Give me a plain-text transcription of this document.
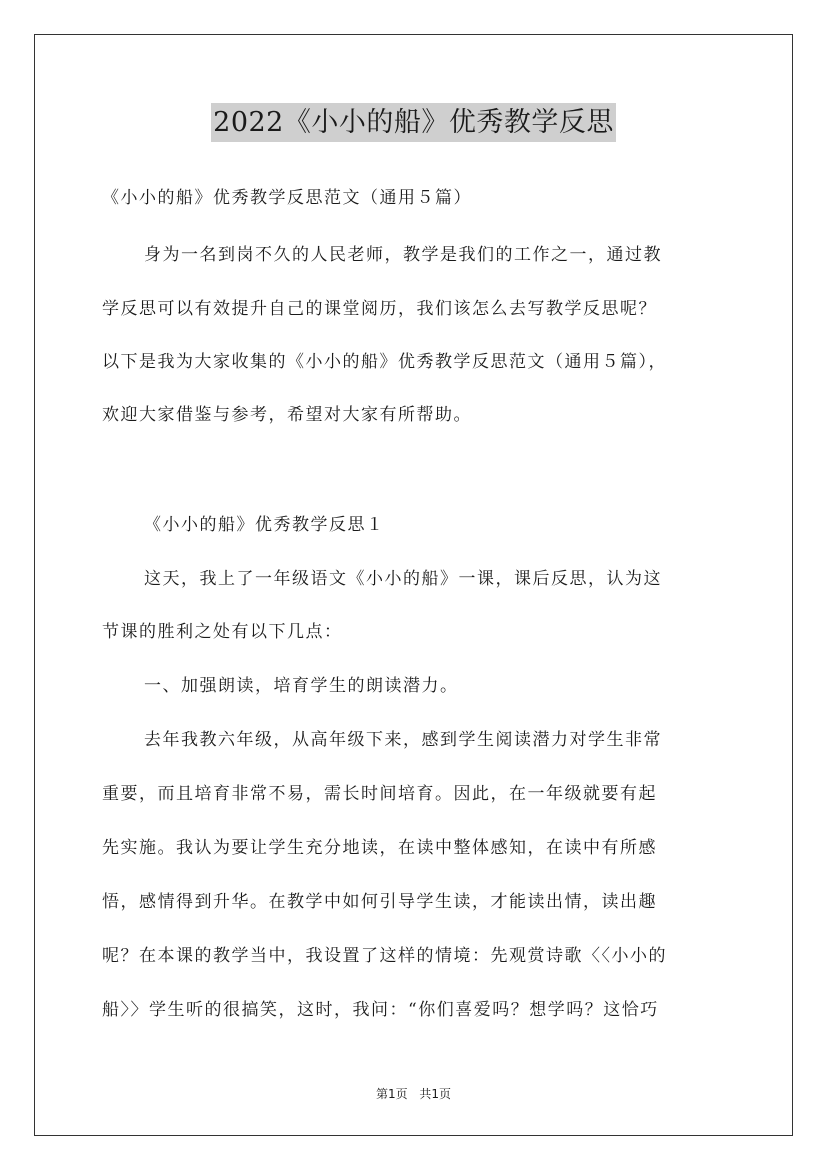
2022《小小的船》优秀教学反思
《小小的船》优秀教学反思范文（通用５篇）
身为一名到岗不久的人民老师，教学是我们的工作之一，通过教
学反思可以有效提升自己的课堂阅历，我们该怎么去写教学反思呢？
以下是我为大家收集的《小小的船》优秀教学反思范文（通用５篇），
欢迎大家借鉴与参考，希望对大家有所帮助。
《小小的船》优秀教学反思１
这天，我上了一年级语文《小小的船》一课，课后反思，认为这
节课的胜利之处有以下几点：
一、加强朗读，培育学生的朗读潜力。
去年我教六年级，从高年级下来，感到学生阅读潜力对学生非常
重要，而且培育非常不易，需长时间培育。因此，在一年级就要有起
先实施。我认为要让学生充分地读，在读中整体感知，在读中有所感
悟，感情得到升华。在教学中如何引导学生读，才能读出情，读出趣
呢？在本课的教学当中，我设置了这样的情境：先观赏诗歌〈〈小小的
船〉〉学生听的很搞笑，这时，我问：“你们喜爱吗？想学吗？这恰巧
第1页 共1页
